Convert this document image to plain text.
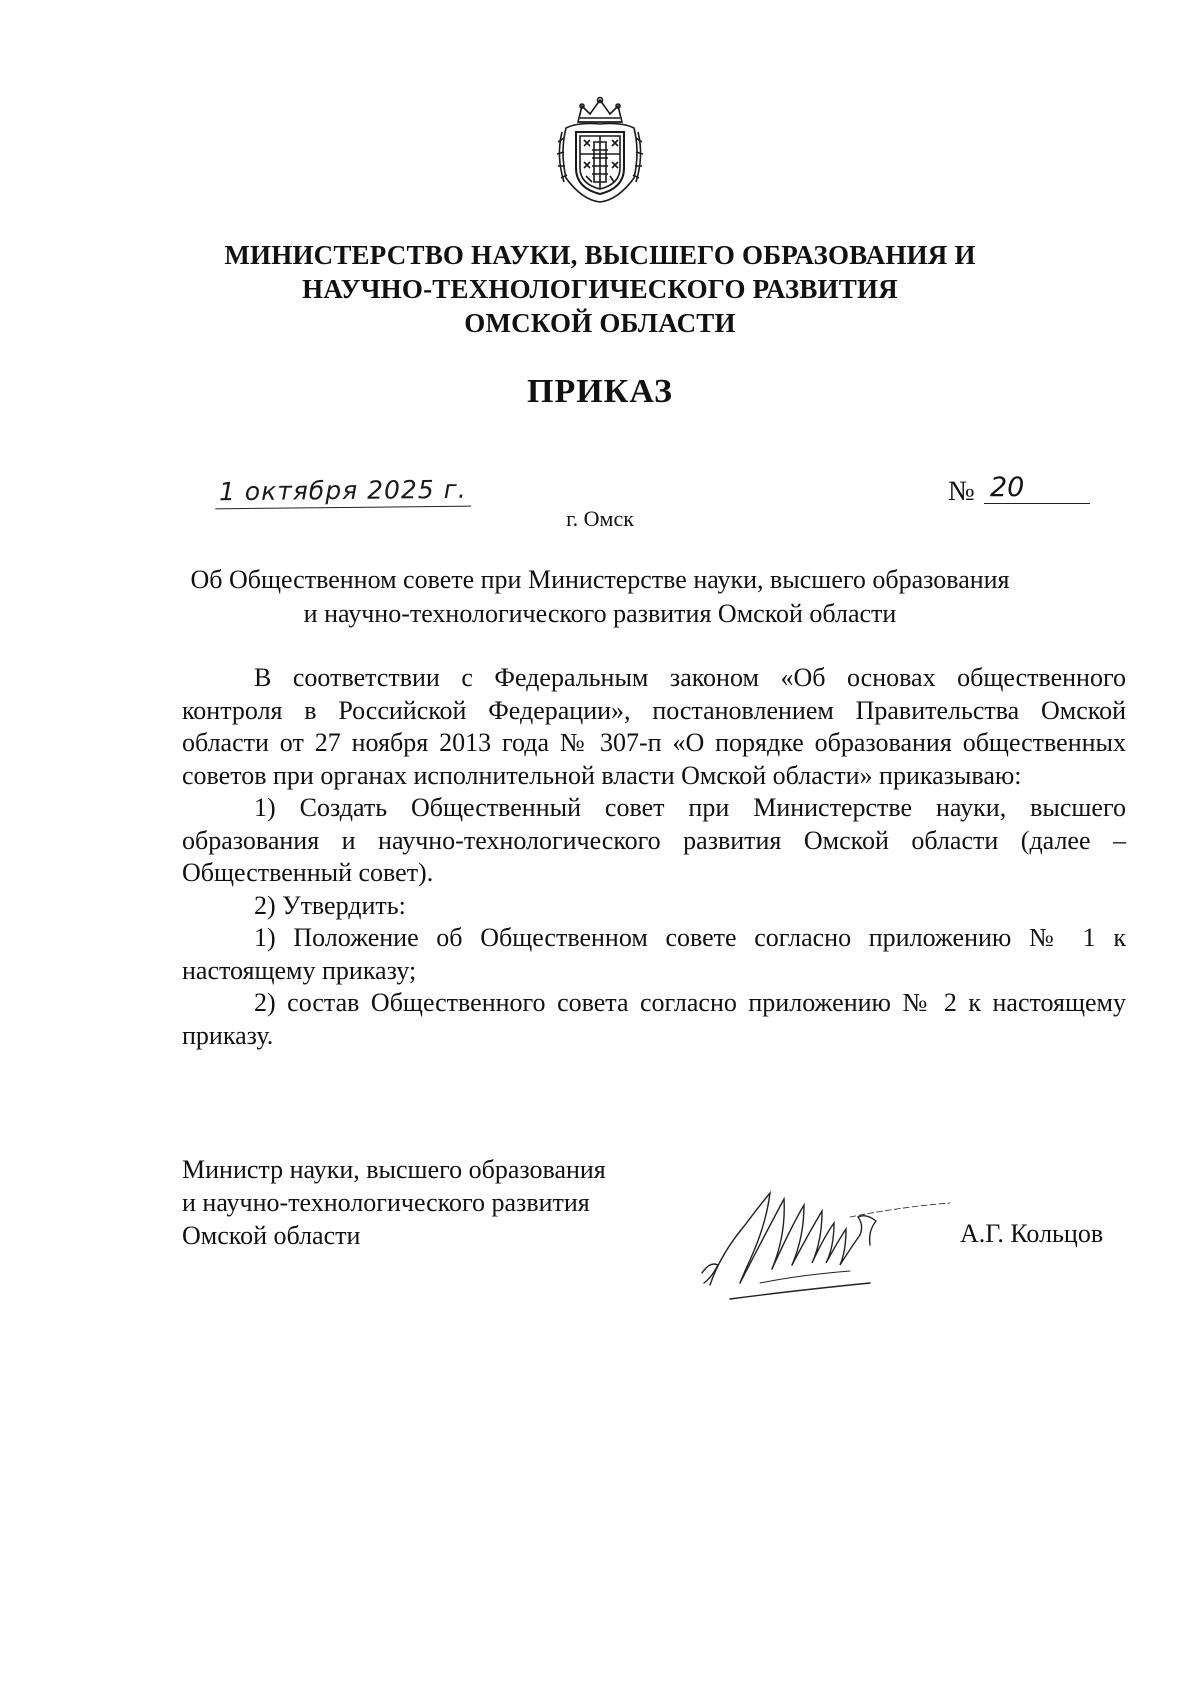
МИНИСТЕРСТВО НАУКИ, ВЫСШЕГО ОБРАЗОВАНИЯ И
НАУЧНО-ТЕХНОЛОГИЧЕСКОГО РАЗВИТИЯ
ОМСКОЙ ОБЛАСТИ
ПРИКАЗ
1 октября 2025 г.	№ 20
г. Омск
Об Общественном совете при Министерстве науки, высшего образования
и научно-технологического развития Омской области

В соответствии с Федеральным законом «Об основах общественного контроля в Российской Федерации», постановлением Правительства Омской области от 27 ноября 2013 года № 307-п «О порядке образования общественных советов при органах исполнительной власти Омской области» приказываю:

1) Создать Общественный совет при Министерстве науки, высшего образования и научно-технологического развития Омской области (далее – Общественный совет).

2) Утвердить:

1) Положение об Общественном совете согласно приложению № 1 к настоящему приказу;

2) состав Общественного совета согласно приложению № 2 к настоящему приказу.

Министр науки, высшего образования
и научно-технологического развития
Омской области	А.Г. Кольцов
